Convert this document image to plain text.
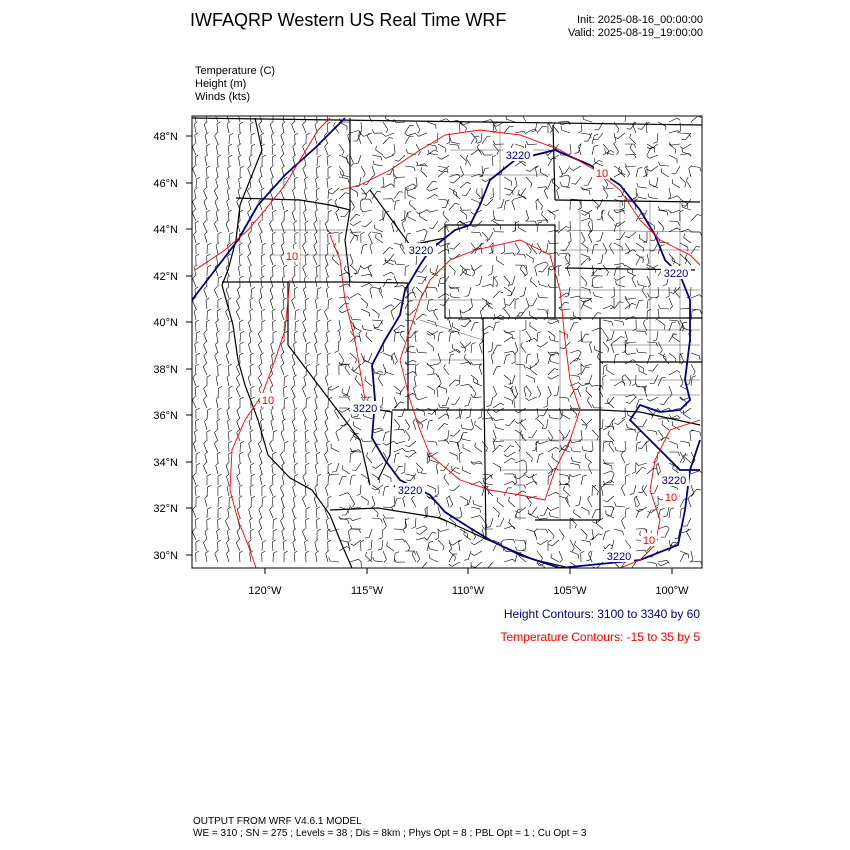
IWFAQRP Western US Real Time WRF	Init: 2025-08-16_00:00:00
Valid: 2025-08-19_19:00:00
Temperature (C)
Height (m)
Winds (kts)
3220
3220
3220
3220
3220
3220
3220
10
10
10
10
10
48°N
46°N
44°N
42°N
40°N
38°N
36°N
34°N
32°N
30°N
120°W	115°W	110°W	105°W	100°W
Height Contours: 3100 to 3340 by 60
Temperature Contours: -15 to 35 by 5
OUTPUT FROM WRF V4.6.1 MODEL
WE = 310 ; SN = 275 ; Levels = 38 ; Dis = 8km ; Phys Opt = 8 ; PBL Opt = 1 ; Cu Opt = 3
